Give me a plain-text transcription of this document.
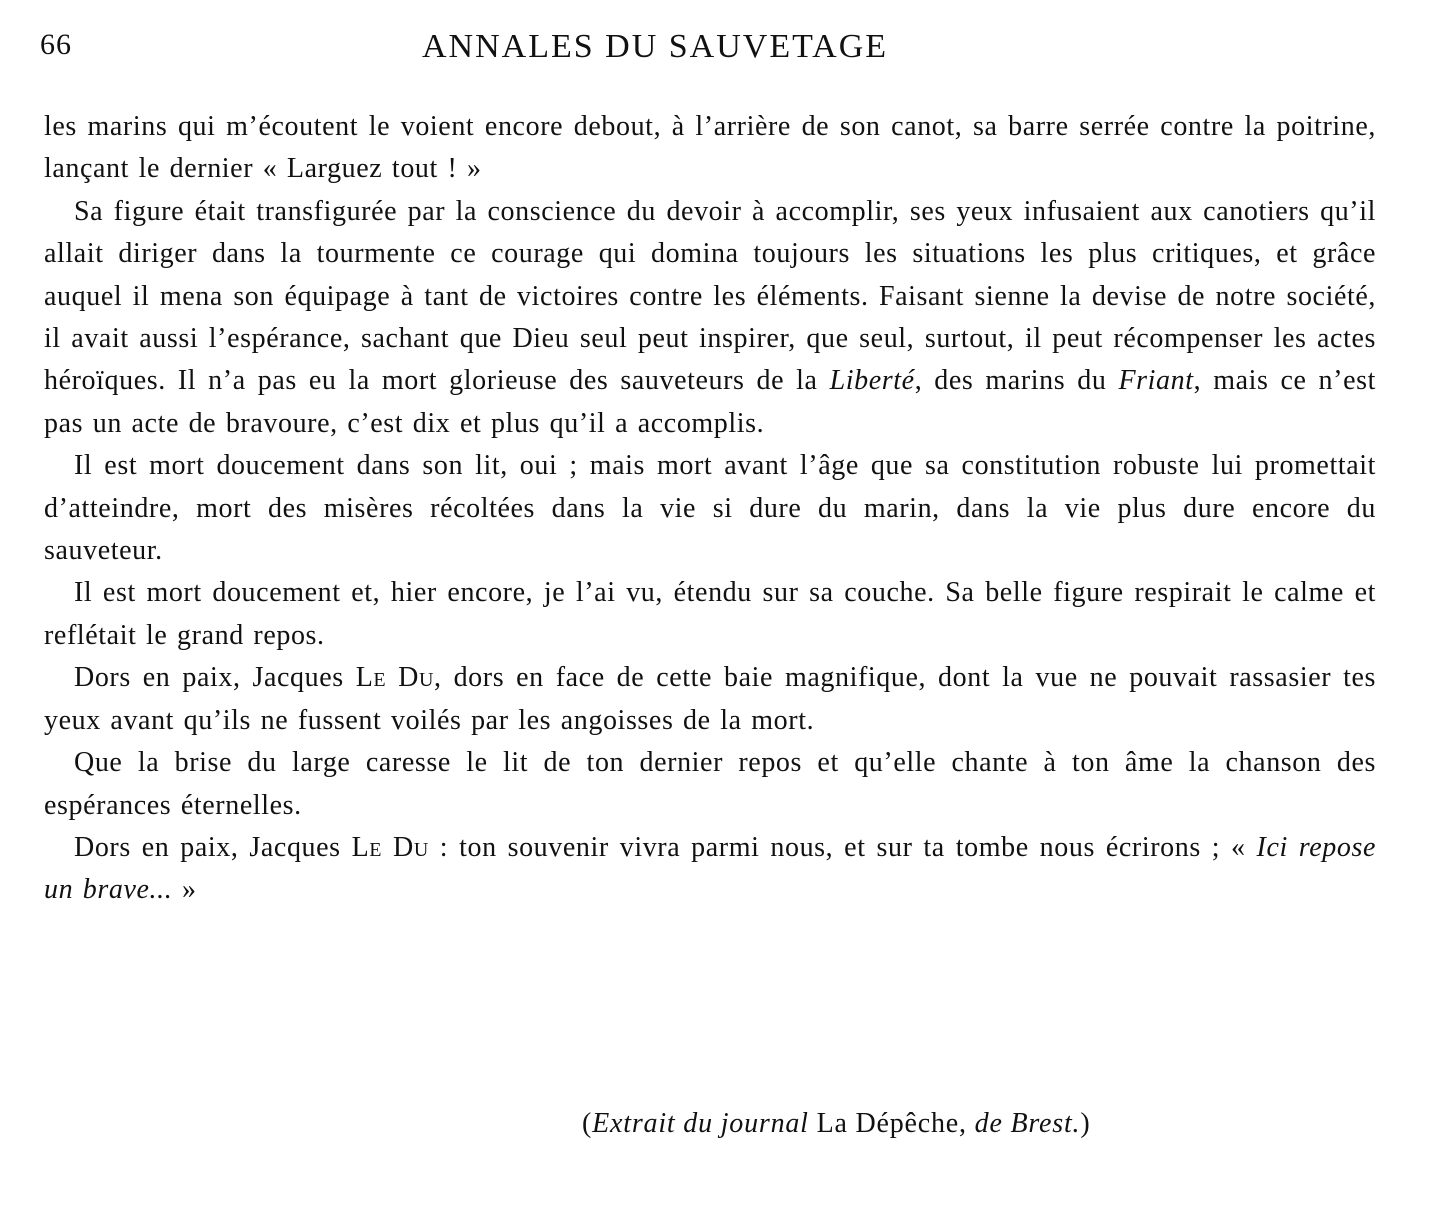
66	ANNALES DU SAUVETAGE

les marins qui m’écoutent le voient encore debout, à l’arrière de son canot, sa barre serrée contre la poitrine, lançant le dernier « Larguez tout ! »

Sa figure était transfigurée par la conscience du devoir à accomplir, ses yeux infusaient aux canotiers qu’il allait diriger dans la tourmente ce courage qui domina toujours les situations les plus critiques, et grâce auquel il mena son équipage à tant de victoires contre les éléments. Faisant sienne la devise de notre société, il avait aussi l’espérance, sachant que Dieu seul peut inspirer, que seul, surtout, il peut récompenser les actes héroïques. Il n’a pas eu la mort glorieuse des sauveteurs de la Liberté, des marins du Friant, mais ce n’est pas un acte de bravoure, c’est dix et plus qu’il a accomplis.

Il est mort doucement dans son lit, oui ; mais mort avant l’âge que sa constitution robuste lui promettait d’atteindre, mort des misères récoltées dans la vie si dure du marin, dans la vie plus dure encore du sauveteur.

Il est mort doucement et, hier encore, je l’ai vu, étendu sur sa couche. Sa belle figure respirait le calme et reflétait le grand repos.

Dors en paix, Jacques Le Du, dors en face de cette baie magnifique, dont la vue ne pouvait rassasier tes yeux avant qu’ils ne fussent voilés par les angoisses de la mort.

Que la brise du large caresse le lit de ton dernier repos et qu’elle chante à ton âme la chanson des espérances éternelles.

Dors en paix, Jacques Le Du : ton souvenir vivra parmi nous, et sur ta tombe nous écrirons ; « Ici repose un brave... »

(Extrait du journal La Dépêche, de Brest.)
